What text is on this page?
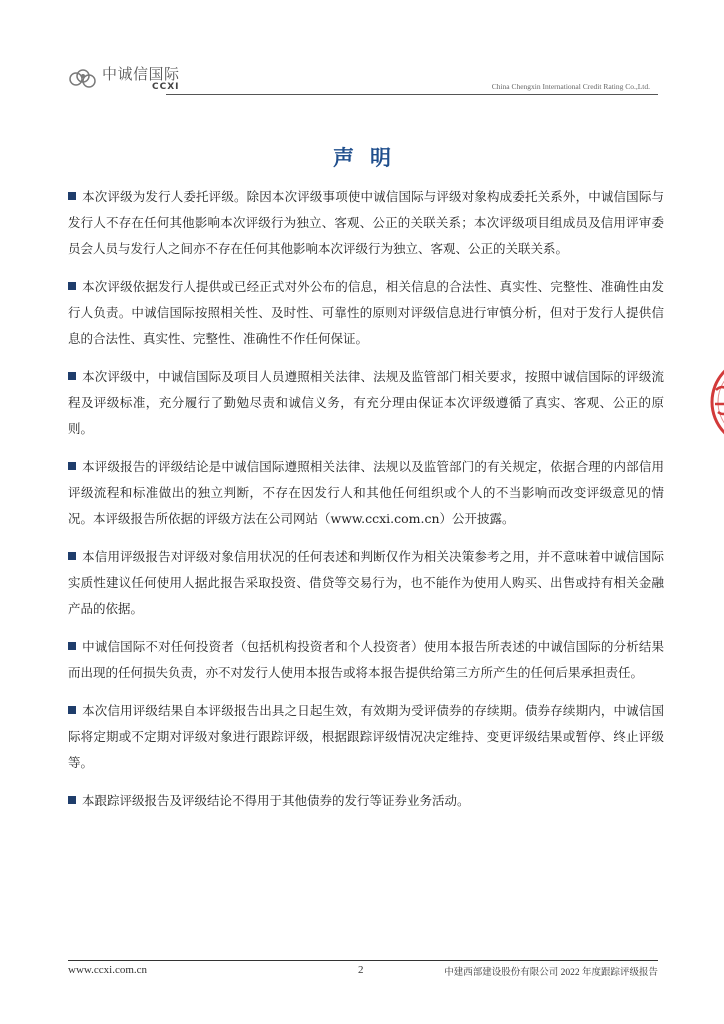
中诚信国际
CCXI	China Chengxin International Credit Rating Co.,Ltd.
声明

本次评级为发行人委托评级。除因本次评级事项使中诚信国际与评级对象构成委托关系外，中诚信国际与发行人不存在任何其他影响本次评级行为独立、客观、公正的关联关系；本次评级项目组成员及信用评审委员会人员与发行人之间亦不存在任何其他影响本次评级行为独立、客观、公正的关联关系。

本次评级依据发行人提供或已经正式对外公布的信息，相关信息的合法性、真实性、完整性、准确性由发行人负责。中诚信国际按照相关性、及时性、可靠性的原则对评级信息进行审慎分析，但对于发行人提供信息的合法性、真实性、完整性、准确性不作任何保证。

本次评级中，中诚信国际及项目人员遵照相关法律、法规及监管部门相关要求，按照中诚信国际的评级流程及评级标准，充分履行了勤勉尽责和诚信义务，有充分理由保证本次评级遵循了真实、客观、公正的原则。

本评级报告的评级结论是中诚信国际遵照相关法律、法规以及监管部门的有关规定，依据合理的内部信用评级流程和标准做出的独立判断，不存在因发行人和其他任何组织或个人的不当影响而改变评级意见的情况。本评级报告所依据的评级方法在公司网站（www.ccxi.com.cn）公开披露。

本信用评级报告对评级对象信用状况的任何表述和判断仅作为相关决策参考之用，并不意味着中诚信国际实质性建议任何使用人据此报告采取投资、借贷等交易行为，也不能作为使用人购买、出售或持有相关金融产品的依据。

中诚信国际不对任何投资者（包括机构投资者和个人投资者）使用本报告所表述的中诚信国际的分析结果而出现的任何损失负责，亦不对发行人使用本报告或将本报告提供给第三方所产生的任何后果承担责任。

本次信用评级结果自本评级报告出具之日起生效，有效期为受评债券的存续期。债券存续期内，中诚信国际将定期或不定期对评级对象进行跟踪评级，根据跟踪评级情况决定维持、变更评级结果或暂停、终止评级等。

本跟踪评级报告及评级结论不得用于其他债券的发行等证券业务活动。

www.ccxi.com.cn	2	中建西部建设股份有限公司 2022 年度跟踪评级报告
